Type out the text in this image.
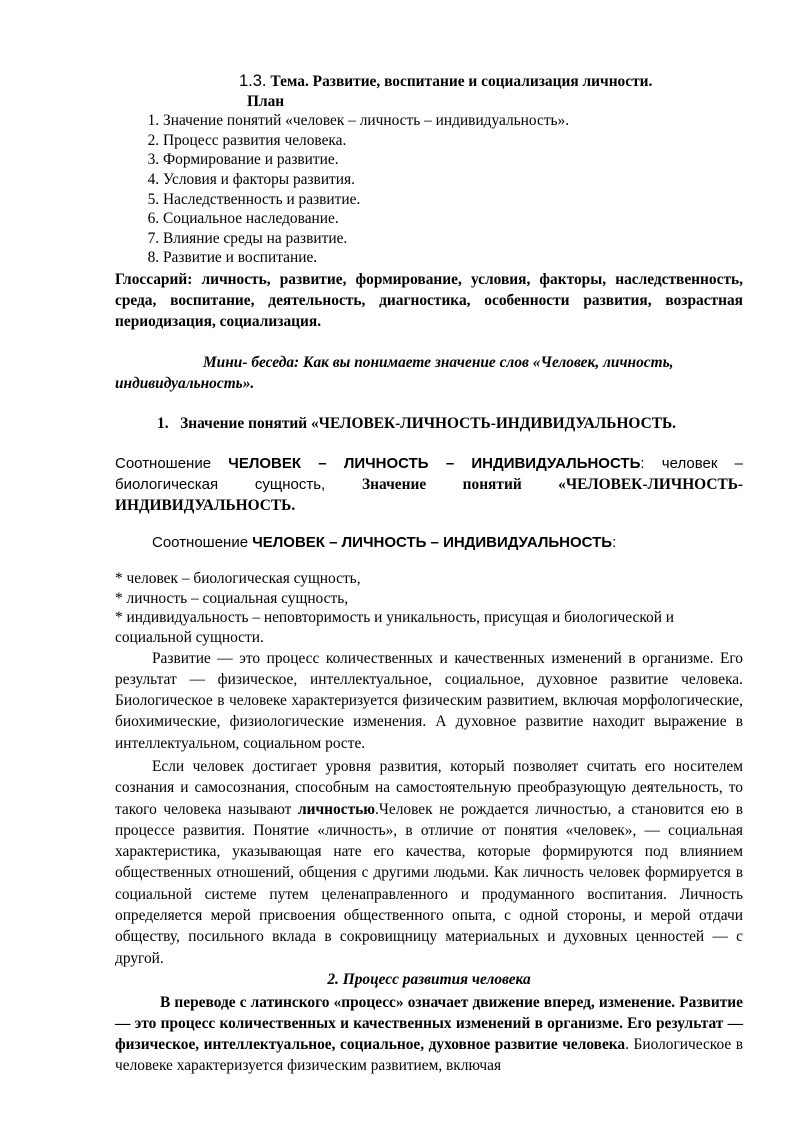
1.3. Тема. Развитие, воспитание и социализация личности.
План
1. Значение понятий «человек – личность – индивидуальность».
2. Процесс развития человека.
3. Формирование и развитие.
4. Условия и факторы развития.
5. Наследственность и развитие.
6. Социальное наследование.
7. Влияние среды на развитие.
8. Развитие и воспитание.
Глоссарий: личность, развитие, формирование, условия, факторы, наследственность, среда, воспитание, деятельность, диагностика, особенности развития, возрастная периодизация, социализация.
Мини- беседа: Как вы понимаете значение слов «Человек, личность, индивидуальность».
1.   Значение понятий «ЧЕЛОВЕК-ЛИЧНОСТЬ-ИНДИВИДУАЛЬНОСТЬ.
Соотношение ЧЕЛОВЕК – ЛИЧНОСТЬ – ИНДИВИДУАЛЬНОСТЬ: человек – биологическая сущность, Значение понятий «ЧЕЛОВЕК-ЛИЧНОСТЬ-ИНДИВИДУАЛЬНОСТЬ.
Соотношение ЧЕЛОВЕК – ЛИЧНОСТЬ – ИНДИВИДУАЛЬНОСТЬ:
* человек – биологическая сущность,
* личность – социальная сущность,
* индивидуальность – неповторимость и уникальность, присущая и биологической и социальной сущности.

Развитие — это процесс количественных и качественных изменений в организме. Его результат — физическое, интеллектуальное, социальное, духовное развитие человека. Биологическое в человеке характеризуется физическим развитием, включая морфологические, биохимические, физиологические изменения. А духовное развитие находит выражение в интеллектуальном, социальном росте.

Если человек достигает уровня развития, который позволяет считать его носителем сознания и самосознания, способным на самостоятельную преобразующую деятельность, то такого человека называют личностью.Человек не рождается личностью, а становится ею в процессе развития. Понятие «личность», в отличие от понятия «человек», — социальная характеристика, указывающая нате его качества, которые формируются под влиянием общественных отношений, общения с другими людьми. Как личность человек формируется в социальной системе путем целенаправленного и продуманного воспитания. Личность определяется мерой присвоения общественного опыта, с одной стороны, и мерой отдачи обществу, посильного вклада в сокровищницу материальных и духовных ценностей — с другой.

2. Процесс развития человека

В переводе с латинского «процесс» означает движение вперед, изменение. Развитие — это процесс количественных и качественных изменений в организме. Его результат — физическое, интеллектуальное, социальное, духовное развитие человека. Биологическое в человеке характеризуется физическим развитием, включая
